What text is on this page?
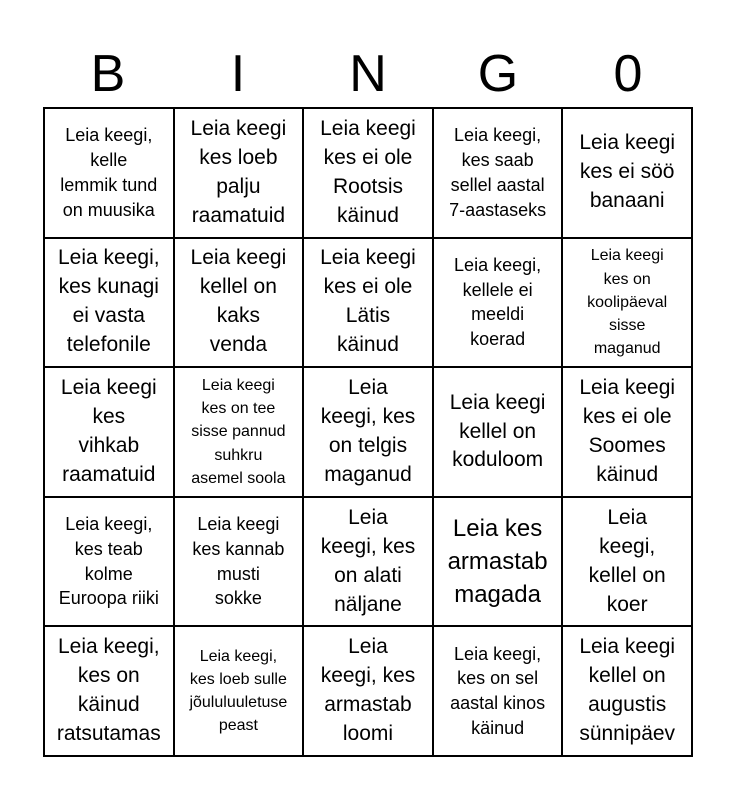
B	I	N	G	0
Leia keegi,
kelle
lemmik tund
on muusika
Leia keegi
kes loeb
palju
raamatuid
Leia keegi
kes ei ole
Rootsis
käinud
Leia keegi,
kes saab
sellel aastal
7-aastaseks
Leia keegi
kes ei söö
banaani
Leia keegi,
kes kunagi
ei vasta
telefonile
Leia keegi
kellel on
kaks
venda
Leia keegi
kes ei ole
Lätis
käinud
Leia keegi,
kellele ei
meeldi
koerad
Leia keegi
kes on
koolipäeval
sisse
maganud
Leia keegi
kes
vihkab
raamatuid
Leia keegi
kes on tee
sisse pannud
suhkru
asemel soola
Leia
keegi, kes
on telgis
maganud
Leia keegi
kellel on
koduloom
Leia keegi
kes ei ole
Soomes
käinud
Leia keegi,
kes teab
kolme
Euroopa riiki
Leia keegi
kes kannab
musti
sokke
Leia
keegi, kes
on alati
näljane
Leia kes
armastab
magada
Leia
keegi,
kellel on
koer
Leia keegi,
kes on
käinud
ratsutamas
Leia keegi,
kes loeb sulle
jõululuuletuse
peast
Leia
keegi, kes
armastab
loomi
Leia keegi,
kes on sel
aastal kinos
käinud
Leia keegi
kellel on
augustis
sünnipäev
